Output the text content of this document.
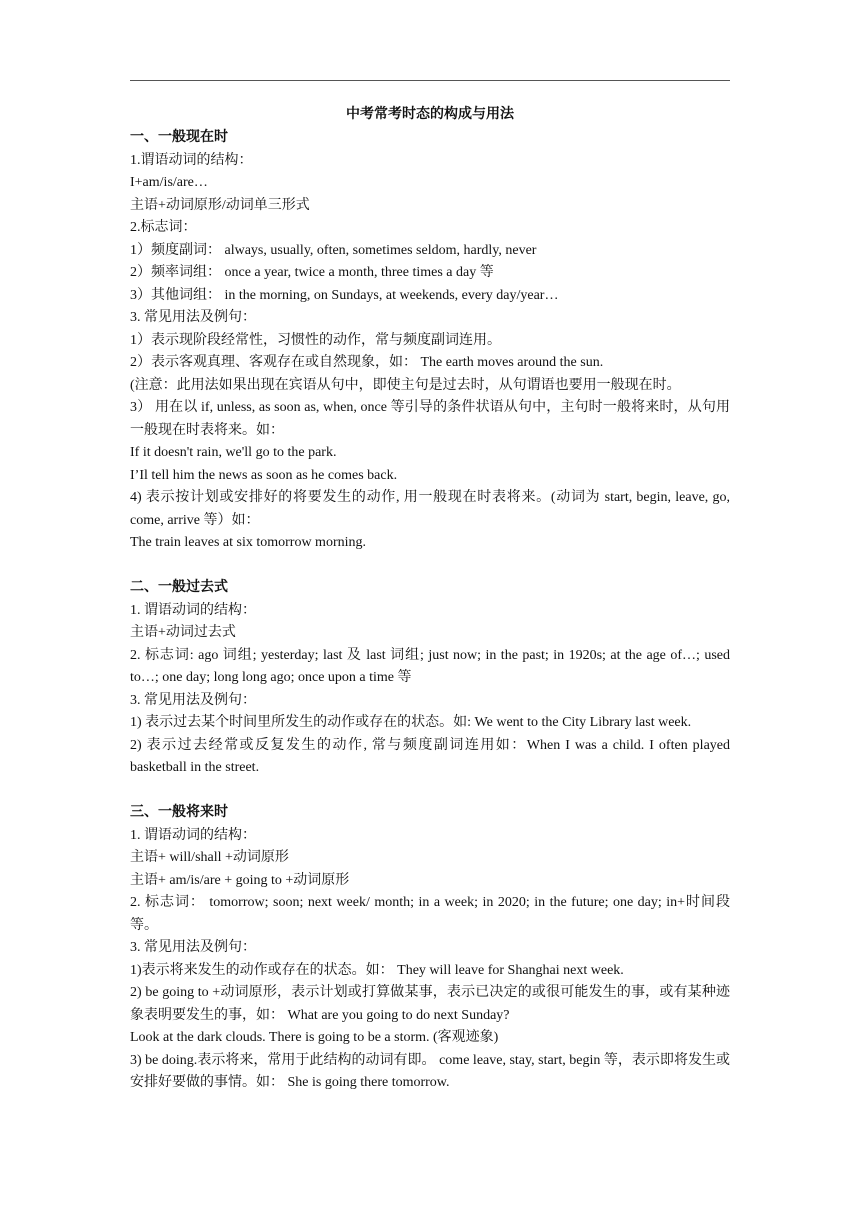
中考常考时态的构成与用法
一、一般现在时
1.谓语动词的结构：
I+am/is/are…
主语+动词原形/动词单三形式
2.标志词：
1）频度副词： always, usually, often, sometimes seldom, hardly, never
2）频率词组： once a year, twice a month, three times a day 等
3）其他词组： in the morning, on Sundays, at weekends, every day/year…
3. 常见用法及例句：
1）表示现阶段经常性，习惯性的动作，常与频度副词连用。
2）表示客观真理、客观存在或自然现象，如： The earth moves around the sun.
(注意：此用法如果出现在宾语从句中，即使主句是过去时，从句谓语也要用一般现在时。
3） 用在以 if, unless, as soon as, when, once 等引导的条件状语从句中，主句时一般将来时，从句用一般现在时表将来。如：
If it doesn't rain, we'll go to the park.
I’Il tell him the news as soon as he comes back.
4) 表示按计划或安排好的将要发生的动作, 用一般现在时表将来。(动词为 start, begin, leave, go, come, arrive 等）如：
The train leaves at six tomorrow morning.
二、一般过去式
1. 谓语动词的结构：
主语+动词过去式
2. 标志词: ago 词组; yesterday; last 及 last 词组; just now; in the past; in 1920s; at the age of…; used to…; one day; long long ago; once upon a time 等
3. 常见用法及例句：
1) 表示过去某个时间里所发生的动作或存在的状态。如: We went to the City Library last week.
2) 表示过去经常或反复发生的动作, 常与频度副词连用如：When I was a child. I often played basketball in the street.
三、一般将来时
1. 谓语动词的结构：
主语+ will/shall +动词原形
主语+ am/is/are + going to +动词原形
2. 标志词： tomorrow; soon; next week/ month; in a week; in 2020; in the future; one day; in+时间段等。
3. 常见用法及例句：
1)表示将来发生的动作或存在的状态。如： They will leave for Shanghai next week.
2) be going to +动词原形，表示计划或打算做某事，表示已决定的或很可能发生的事，或有某种迹象表明要发生的事，如： What are you going to do next Sunday?
Look at the dark clouds. There is going to be a storm. (客观迹象)
3) be doing.表示将来，常用于此结构的动词有即。 come leave, stay, start, begin 等，表示即将发生或安排好要做的事情。如： She is going there tomorrow.
